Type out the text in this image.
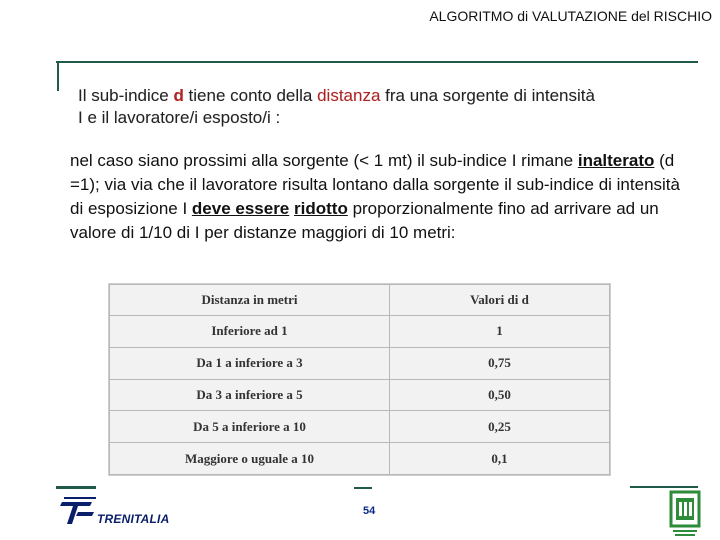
ALGORITMO di VALUTAZIONE del RISCHIO
Il sub-indice d tiene conto della distanza fra una sorgente di intensità
I e il lavoratore/i esposto/i :
nel caso siano prossimi alla sorgente (< 1 mt) il sub-indice I rimane inalterato (d =1); via via che il lavoratore risulta lontano dalla sorgente il sub-indice di intensità di esposizione I deve essere ridotto proporzionalmente fino ad arrivare ad un valore di 1/10 di I per distanze maggiori di 10 metri:
Distanza in metri	Valori di d
Inferiore ad 1	1
Da 1 a inferiore a 3	0,75
Da 3 a inferiore a 5	0,50
Da 5 a inferiore a 10	0,25
Maggiore o uguale a 10	0,1
TRENITALIA
54
